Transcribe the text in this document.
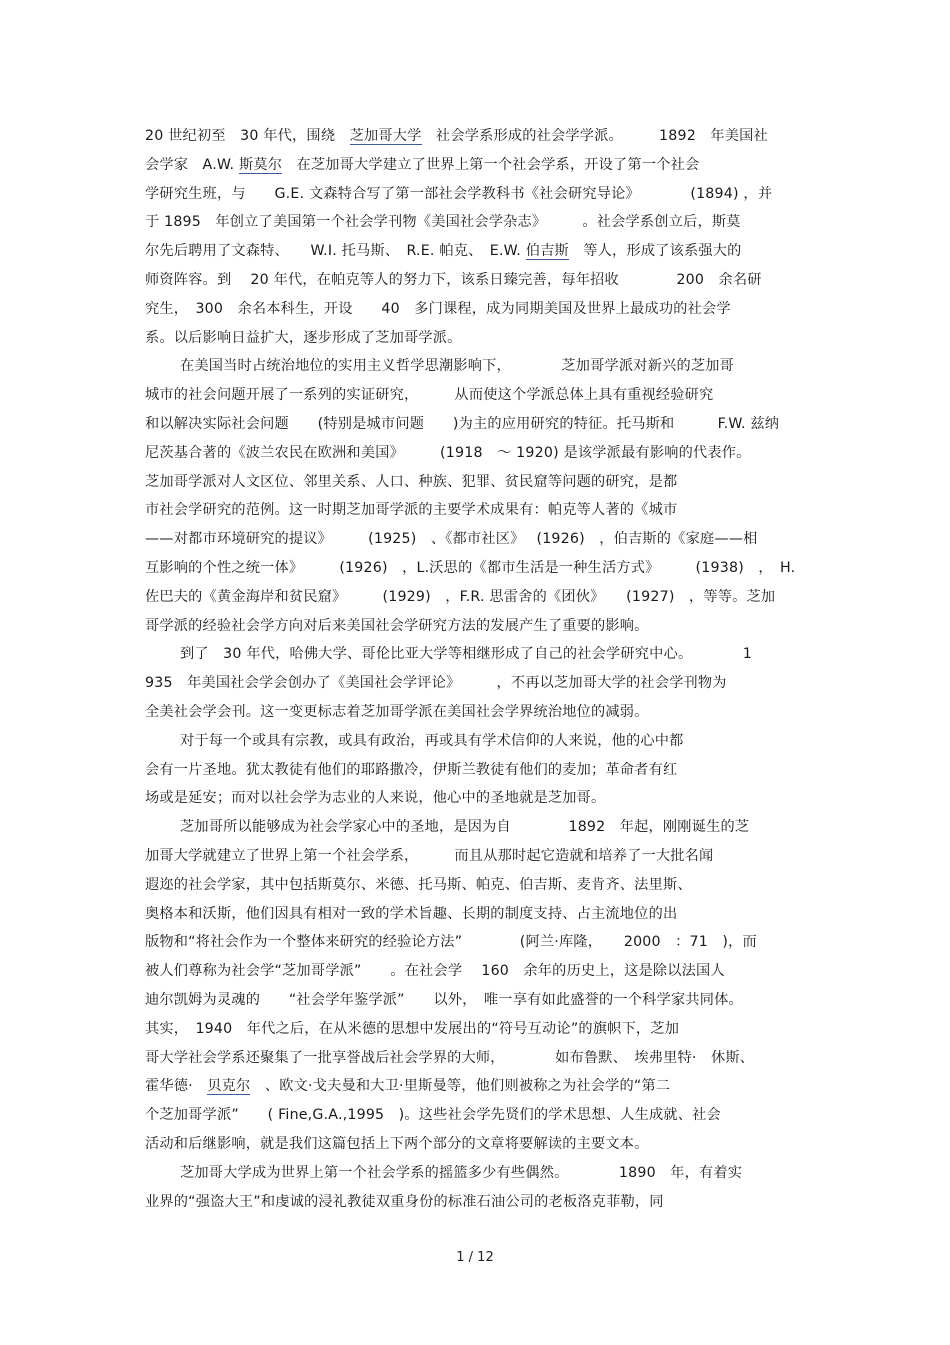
20 世纪初至　30 年代，围绕　芝加哥大学　社会学系形成的社会学学派。　　　1892　年美国社
会学家　A.W. 斯莫尔　在芝加哥大学建立了世界上第一个社会学系，开设了第一个社会
学研究生班，与　　G.E. 文森特合写了第一部社会学教科书《社会研究导论》　　　　(1894) ，并
于 1895　年创立了美国第一个社会学刊物《美国社会学杂志》　　　。社会学系创立后，斯莫
尔先后聘用了文森特、　　W.I. 托马斯、　R.E. 帕克、　E.W. 伯吉斯　等人，形成了该系强大的
师资阵容。到　 20 年代，在帕克等人的努力下，该系日臻完善，每年招收　　　　200　余名研
究生，　300　余名本科生，开设　　40　多门课程，成为同期美国及世界上最成功的社会学
系。以后影响日益扩大，逐步形成了芝加哥学派。
在美国当时占统治地位的实用主义哲学思潮影响下，　　　　芝加哥学派对新兴的芝加哥
城市的社会问题开展了一系列的实证研究，　　　从而使这个学派总体上具有重视经验研究
和以解决实际社会问题　　(特别是城市问题　　)为主的应用研究的特征。托马斯和　　　F.W. 兹纳
尼茨基合著的《波兰农民在欧洲和美国》　　　(1918　～ 1920) 是该学派最有影响的代表作。
芝加哥学派对人文区位、邻里关系、人口、种族、犯罪、贫民窟等问题的研究，是都
市社会学研究的范例。这一时期芝加哥学派的主要学术成果有：帕克等人著的《城市
——对都市环境研究的提议》　　　(1925)　、《都市社区》　 (1926)　，伯吉斯的《家庭——相
互影响的个性之统一体》　　　(1926)　，L.沃思的《都市生活是一种生活方式》　　　(1938)　，　H.
佐巴夫的《黄金海岸和贫民窟》　　　(1929)　，F.R. 思雷舍的《团伙》　　(1927)　，等等。芝加
哥学派的经验社会学方向对后来美国社会学研究方法的发展产生了重要的影响。
到了　30 年代，哈佛大学、哥伦比亚大学等相继形成了自己的社会学研究中心。　　　　1
935　年美国社会学会创办了《美国社会学评论》　　　，不再以芝加哥大学的社会学刊物为
全美社会学会刊。这一变更标志着芝加哥学派在美国社会学界统治地位的减弱。
对于每一个或具有宗教，或具有政治，再或具有学术信仰的人来说，他的心中都
会有一片圣地。犹太教徒有他们的耶路撒冷，伊斯兰教徒有他们的麦加；革命者有红
场或是延安；而对以社会学为志业的人来说，他心中的圣地就是芝加哥。
芝加哥所以能够成为社会学家心中的圣地，是因为自　　　　1892　年起，刚刚诞生的芝
加哥大学就建立了世界上第一个社会学系，　　　而且从那时起它造就和培养了一大批名闻
遐迩的社会学家，其中包括斯莫尔、米德、托马斯、帕克、伯吉斯、麦肯齐、法里斯、
奥格本和沃斯，他们因具有相对一致的学术旨趣、长期的制度支持、占主流地位的出
版物和“将社会作为一个整体来研究的经验论方法”　　　　(阿兰·库隆，　　2000　：71　)，而
被人们尊称为社会学“芝加哥学派”　　。在社会学　 160　余年的历史上，这是除以法国人
迪尔凯姆为灵魂的　　“社会学年鉴学派”　　以外，　唯一享有如此盛誉的一个科学家共同体。
其实，　1940　年代之后，在从米德的思想中发展出的“符号互动论”的旗帜下，芝加
哥大学社会学系还聚集了一批享誉战后社会学界的大师，　　　　如布鲁默、　埃弗里特·　休斯、
霍华德·　贝克尔　、欧文·戈夫曼和大卫·里斯曼等，他们则被称之为社会学的“第二
个芝加哥学派”　　( Fine,G.A.,1995　)。这些社会学先贤们的学术思想、人生成就、社会
活动和后继影响，就是我们这篇包括上下两个部分的文章将要解读的主要文本。
芝加哥大学成为世界上第一个社会学系的摇篮多少有些偶然。　　　　1890　年，有着实
业界的“强盗大王”和虔诚的浸礼教徒双重身份的标准石油公司的老板洛克菲勒，同
1 / 12
